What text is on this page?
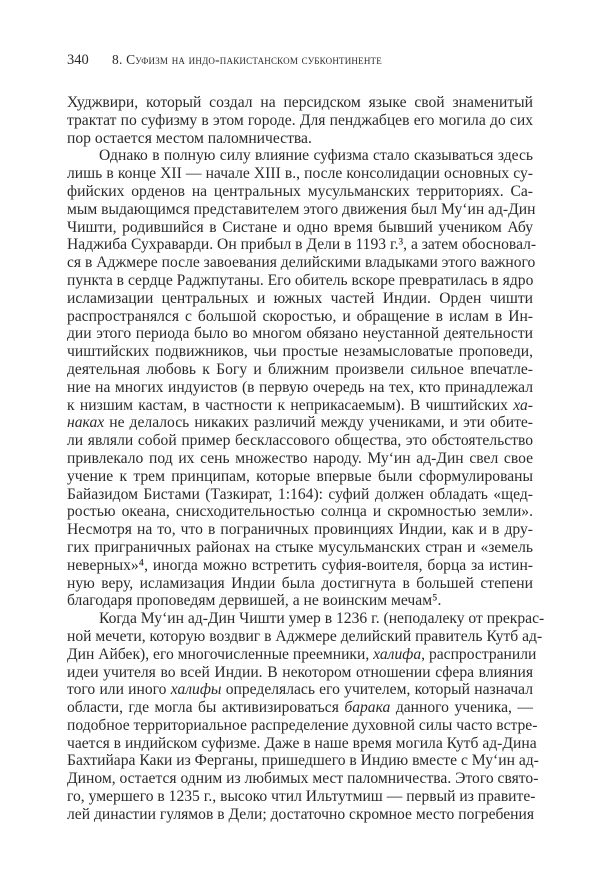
340 8. Суфизм на индо-пакистанском субконтиненте
Худжвири, который создал на персидском языке свой знаменитый
трактат по суфизму в этом городе. Для пенджабцев его могила до сих
пор остается местом паломничества.
Однако в полную силу влияние суфизма стало сказываться здесь
лишь в конце XII — начале XIII в., после консолидации основных су-
фийских орденов на центральных мусульманских территориях. Са-
мым выдающимся представителем этого движения был Му‘ин ад-Дин
Чишти, родившийся в Систане и одно время бывший учеником Абу
Наджиба Сухраварди. Он прибыл в Дели в 1193 г.³, а затем обосновал-
ся в Аджмере после завоевания делийскими владыками этого важного
пункта в сердце Раджпутаны. Его обитель вскоре превратилась в ядро
исламизации центральных и южных частей Индии. Орден чишти
распространялся с большой скоростью, и обращение в ислам в Ин-
дии этого периода было во многом обязано неустанной деятельности
чиштийских подвижников, чьи простые незамысловатые проповеди,
деятельная любовь к Богу и ближним произвели сильное впечатле-
ние на многих индуистов (в первую очередь на тех, кто принадлежал
к низшим кастам, в частности к неприкасаемым). В чиштийских ха-
наках не делалось никаких различий между учениками, и эти обите-
ли являли собой пример бесклассового общества, это обстоятельство
привлекало под их сень множество народу. Му‘ин ад-Дин свел свое
учение к трем принципам, которые впервые были сформулированы
Байазидом Бистами (Тазкират, 1:164): суфий должен обладать «щед-
ростью океана, снисходительностью солнца и скромностью земли».
Несмотря на то, что в пограничных провинциях Индии, как и в дру-
гих приграничных районах на стыке мусульманских стран и «земель
неверных»⁴, иногда можно встретить суфия-воителя, борца за истин-
ную веру, исламизация Индии была достигнута в большей степени
благодаря проповедям дервишей, а не воинским мечам⁵.
Когда Му‘ин ад-Дин Чишти умер в 1236 г. (неподалеку от прекрас-
ной мечети, которую воздвиг в Аджмере делийский правитель Кутб ад-
Дин Айбек), его многочисленные преемники, халифа, распространили
идеи учителя во всей Индии. В некотором отношении сфера влияния
того или иного халифы определялась его учителем, который назначал
области, где могла бы активизироваться барака данного ученика, —
подобное территориальное распределение духовной силы часто встре-
чается в индийском суфизме. Даже в наше время могила Кутб ад-Дина
Бахтийара Каки из Ферганы, пришедшего в Индию вместе с Му‘ин ад-
Дином, остается одним из любимых мест паломничества. Этого свято-
го, умершего в 1235 г., высоко чтил Ильтутмиш — первый из правите-
лей династии гулямов в Дели; достаточно скромное место погребения
